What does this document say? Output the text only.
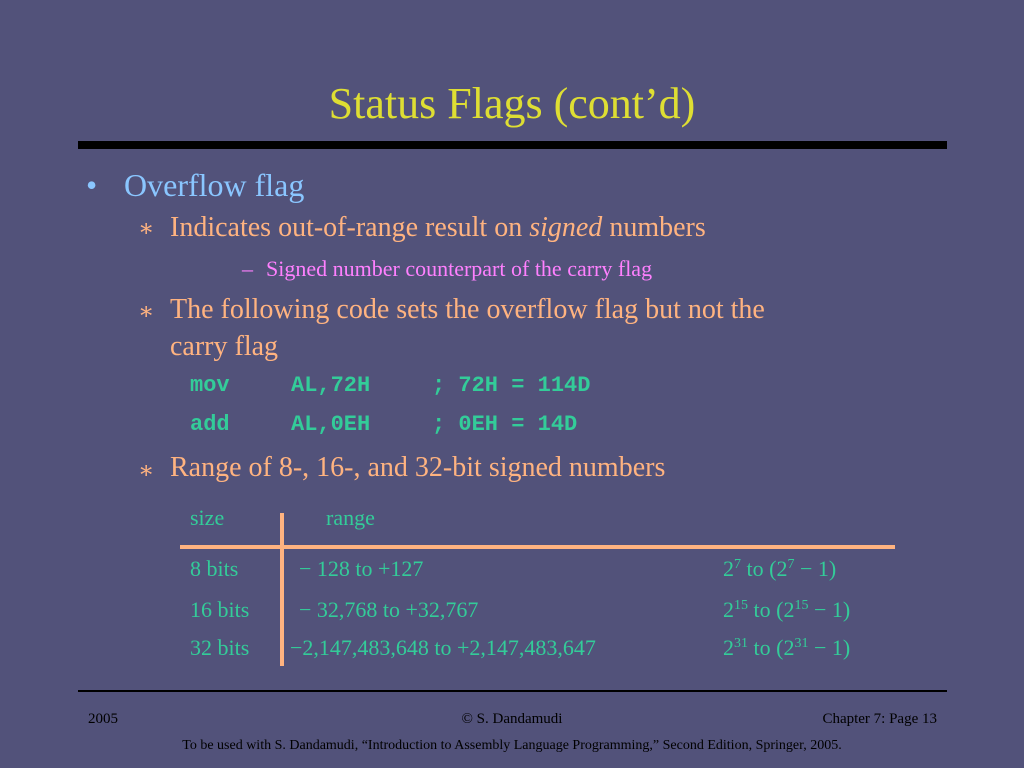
Status Flags (cont’d)
• Overflow flag
∗ Indicates out-of-range result on signed numbers
– Signed number counterpart of the carry flag
∗ The following code sets the overflow flag but not the
carry flag
mov	AL,72H	; 72H = 114D
add	AL,0EH	; 0EH = 14D
∗ Range of 8-, 16-, and 32-bit signed numbers
size	range
8 bits	− 128 to +127	$2^7$ to $(2^7 - 1)$
16 bits − 32,768 to +32,767	$2^{15}$ to $(2^{15} - 1)$
32 bits −2,147,483,648 to +2,147,483,647	$2^{31}$ to $(2^{31} - 1)$
2005	© S. Dandamudi	Chapter 7: Page 13
To be used with S. Dandamudi, “Introduction to Assembly Language Programming,” Second Edition, Springer, 2005.
